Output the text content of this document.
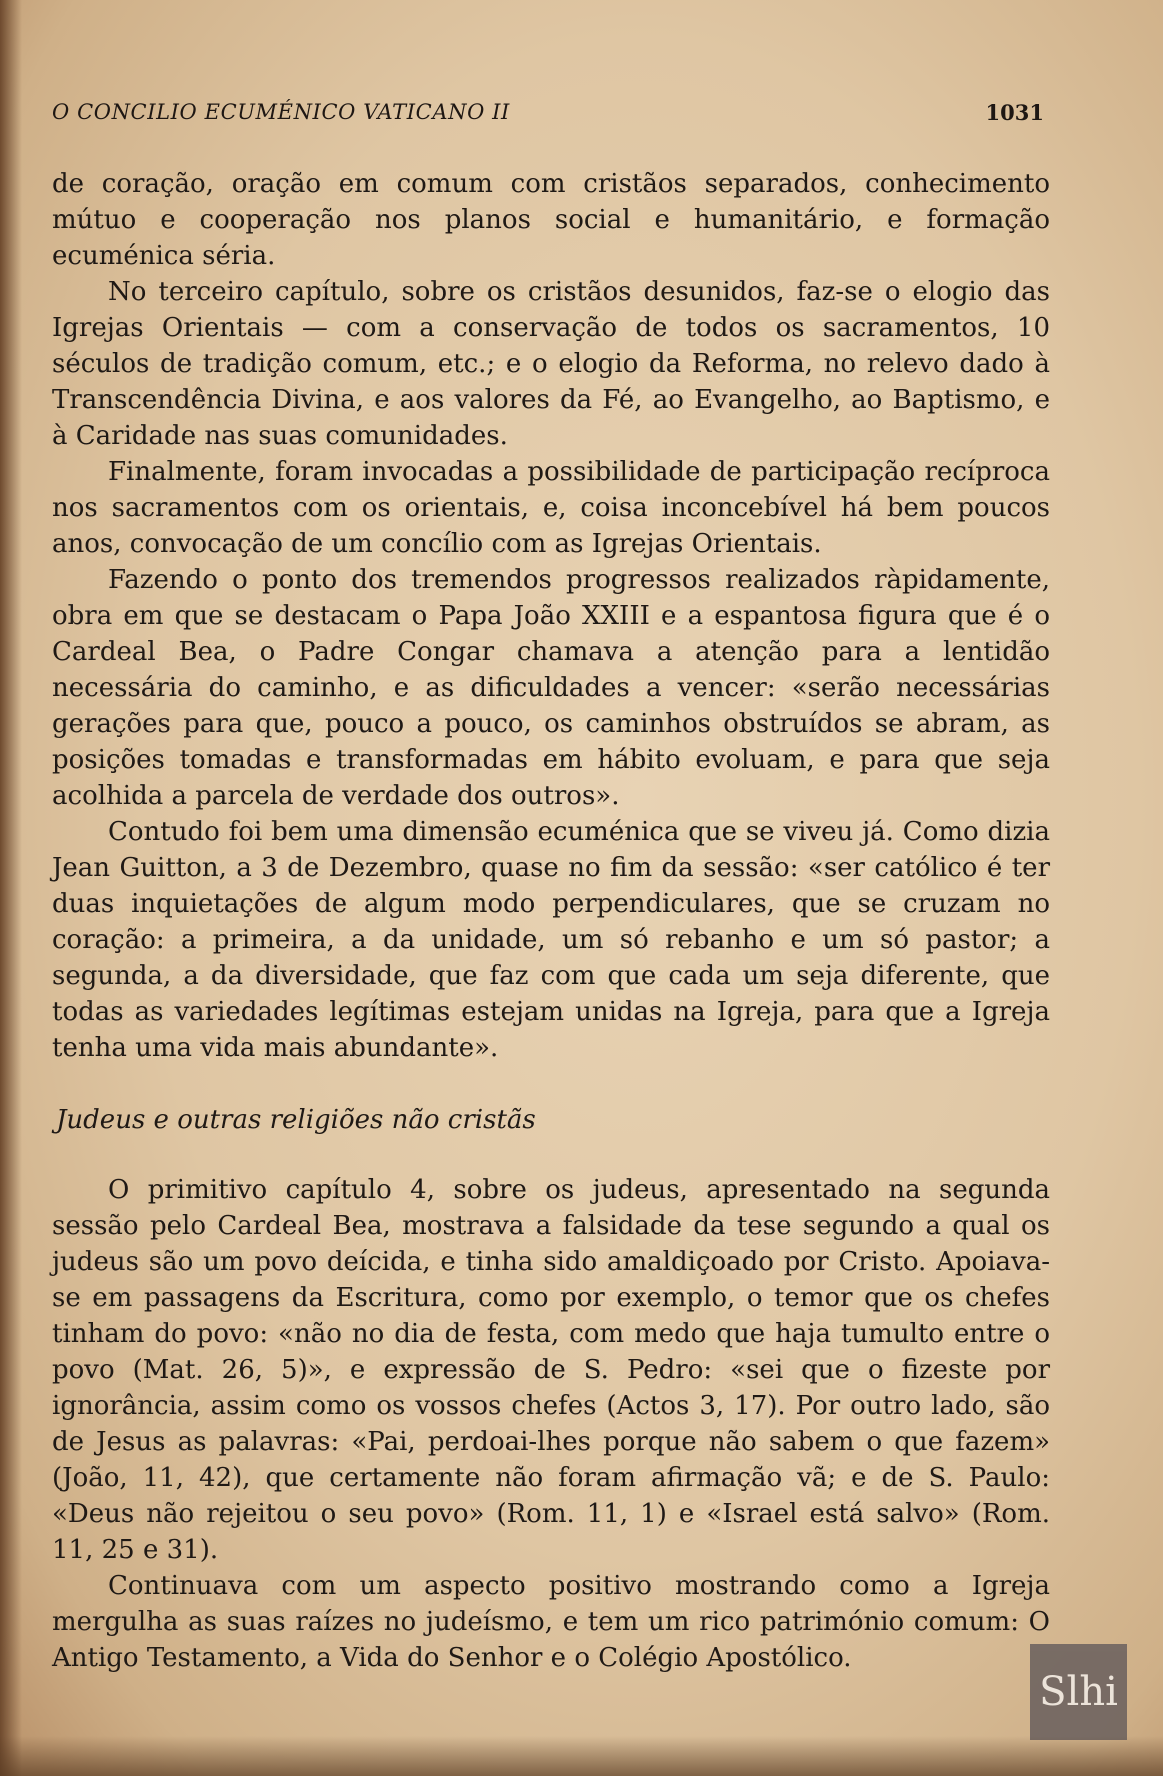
O CONCILIO ECUMÉNICO VATICANO II	1031

de coração, oração em comum com cristãos separados, conhecimento mútuo e cooperação nos planos social e humanitário, e formação ecuménica séria.

No terceiro capítulo, sobre os cristãos desunidos, faz-se o elogio das Igrejas Orientais — com a conservação de todos os sacramentos, 10 séculos de tradição comum, etc.; e o elogio da Reforma, no relevo dado à Transcendência Divina, e aos valores da Fé, ao Evangelho, ao Baptismo, e à Caridade nas suas comunidades.

Finalmente, foram invocadas a possibilidade de participação recíproca nos sacramentos com os orientais, e, coisa inconcebível há bem poucos anos, convocação de um concílio com as Igrejas Orientais.

Fazendo o ponto dos tremendos progressos realizados ràpidamente, obra em que se destacam o Papa João XXIII e a espantosa figura que é o Cardeal Bea, o Padre Congar chamava a atenção para a lentidão necessária do caminho, e as dificuldades a vencer: «serão necessárias gerações para que, pouco a pouco, os caminhos obstruídos se abram, as posições tomadas e transformadas em hábito evoluam, e para que seja acolhida a parcela de verdade dos outros».

Contudo foi bem uma dimensão ecuménica que se viveu já. Como dizia Jean Guitton, a 3 de Dezembro, quase no fim da sessão: «ser católico é ter duas inquietações de algum modo perpendiculares, que se cruzam no coração: a primeira, a da unidade, um só rebanho e um só pastor; a segunda, a da diversidade, que faz com que cada um seja diferente, que todas as variedades legítimas estejam unidas na Igreja, para que a Igreja tenha uma vida mais abundante».

Judeus e outras religiões não cristãs

O primitivo capítulo 4, sobre os judeus, apresentado na segunda sessão pelo Cardeal Bea, mostrava a falsidade da tese segundo a qual os judeus são um povo deícida, e tinha sido amaldiçoado por Cristo. Apoiava-se em passagens da Escritura, como por exemplo, o temor que os chefes tinham do povo: «não no dia de festa, com medo que haja tumulto entre o povo (Mat. 26, 5)», e expressão de S. Pedro: «sei que o fizeste por ignorância, assim como os vossos chefes (Actos 3, 17). Por outro lado, são de Jesus as palavras: «Pai, perdoai-lhes porque não sabem o que fazem» (João, 11, 42), que certamente não foram afirmação vã; e de S. Paulo: «Deus não rejeitou o seu povo» (Rom. 11, 1) e «Israel está salvo» (Rom. 11, 25 e 31).

Continuava com um aspecto positivo mostrando como a Igreja mergulha as suas raízes no judeísmo, e tem um rico património comum: O Antigo Testamento, a Vida do Senhor e o Colégio Apostólico.

Slhi
